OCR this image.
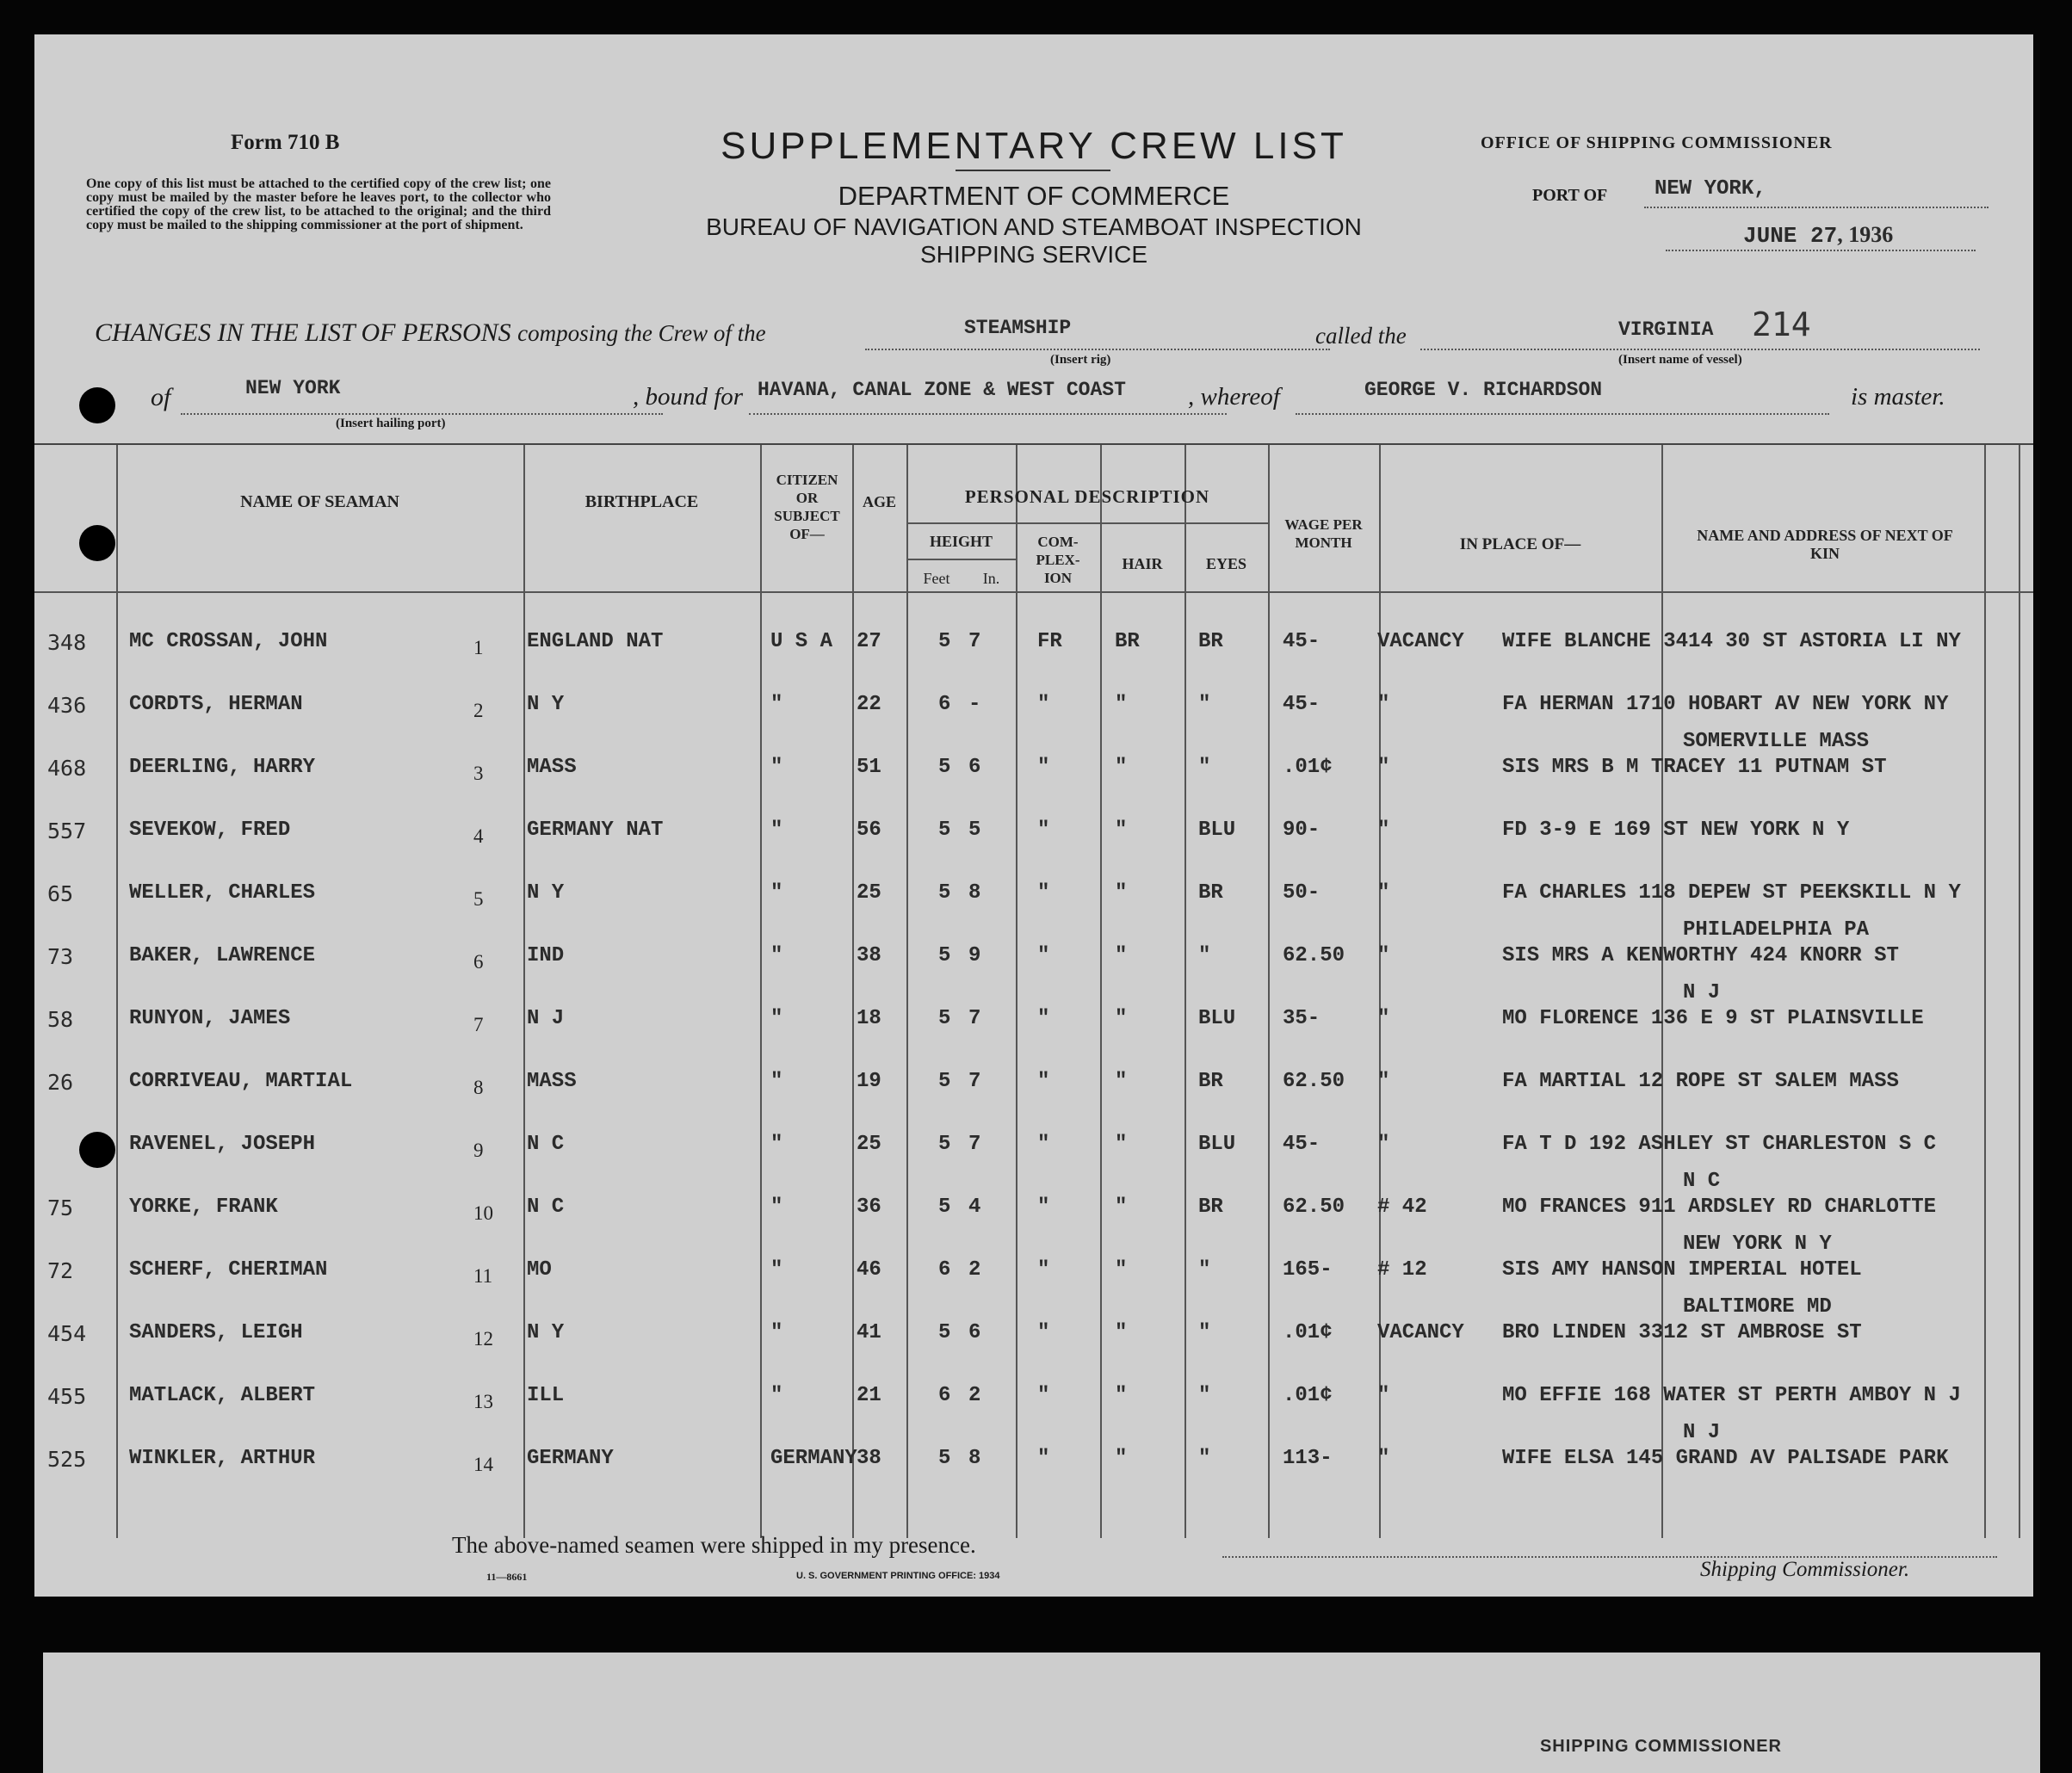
Form 710 B
One copy of this list must be attached to the certified copy of the crew list; one copy must be mailed by the master before he leaves port, to the collector who certified the copy of the crew list, to be attached to the original; and the third copy must be mailed to the shipping commissioner at the port of shipment.
SUPPLEMENTARY CREW LIST
DEPARTMENT OF COMMERCE
BUREAU OF NAVIGATION AND STEAMBOAT INSPECTION
SHIPPING SERVICE
OFFICE OF SHIPPING COMMISSIONER
PORT OF NEW YORK,
JUNE 27, 1936
CHANGES IN THE LIST OF PERSONS composing the Crew of the	STEAMSHIP
(Insert rig)
called the	VIRGINIA
(Insert name of vessel)
214
of	NEW YORK
(Insert hailing port)
, bound for HAVANA, CANAL ZONE & WEST COAST , whereof	GEORGE V. RICHARDSON	is master.
NAME OF SEAMAN	BIRTHPLACE
CITIZEN OR SUBJECT OF—
AGE	PERSONAL DESCRIPTION
HEIGHT
Feet	In.
COM-PLEX-ION
HAIR	EYES
WAGE PER MONTH	IN PLACE OF—	NAME AND ADDRESS OF NEXT OF KIN
348 MC CROSSAN, JOHN	1 ENGLAND NAT	U S A 27	5 7	FR	BR	BR	45-	VACANCY WIFE BLANCHE 3414 30 ST ASTORIA LI NY
436 CORDTS, HERMAN	2 N Y	"	22	6 -	"	"	"	45-	"	FA HERMAN 1710 HOBART AV NEW YORK NY
468 DEERLING, HARRY	3 MASS	"	51	5 6	"	"	"	.01¢ "	SIS MRS B M TRACEY 11 PUTNAM ST
SOMERVILLE MASS
557 SEVEKOW, FRED	4 GERMANY NAT	"	56	5 5	"	"	BLU 90-	"	FD 3-9 E 169 ST NEW YORK N Y
65	WELLER, CHARLES	5 N Y	"	25	5 8	"	"	BR	50-	"	FA CHARLES 118 DEPEW ST PEEKSKILL N Y
73	BAKER, LAWRENCE	6 IND	"	38	5 9	"	"	"	62.50 "	SIS MRS A KENWORTHY 424 KNORR ST
PHILADELPHIA PA
58	RUNYON, JAMES	7 N J	"	18	5 7	"	"	BLU 35-	"	MO FLORENCE 136 E 9 ST PLAINSVILLE
N J
26	CORRIVEAU, MARTIAL	8 MASS	"	19	5 7	"	"	BR	62.50 "	FA MARTIAL 12 ROPE ST SALEM MASS
RAVENEL, JOSEPH	9 N C	"	25	5 7	"	"	BLU 45-	"	FA T D 192 ASHLEY ST CHARLESTON S C
75	YORKE, FRANK	10 N C	"	36	5 4	"	"	BR	62.50 # 42	MO FRANCES 911 ARDSLEY RD CHARLOTTE
N C
72	SCHERF, CHERIMAN	11 MO	"	46	6 2	"	"	"	165- # 12	SIS AMY HANSON IMPERIAL HOTEL
NEW YORK N Y
454 SANDERS, LEIGH	12 N Y	"	41	5 6	"	"	"	.01¢ VACANCY BRO LINDEN 3312 ST AMBROSE ST
BALTIMORE MD
455 MATLACK, ALBERT	13 ILL	"	21	6 2	"	"	"	.01¢ "	MO EFFIE 168 WATER ST PERTH AMBOY N J
525 WINKLER, ARTHUR	14 GERMANY	GERMANY 38	5 8	"	"	"	113- "	WIFE ELSA 145 GRAND AV PALISADE PARK
N J
The above-named seamen were shipped in my presence.
11—8661	U. S. GOVERNMENT PRINTING OFFICE: 1934	Shipping Commissioner.
SHIPPING COMMISSIONER
